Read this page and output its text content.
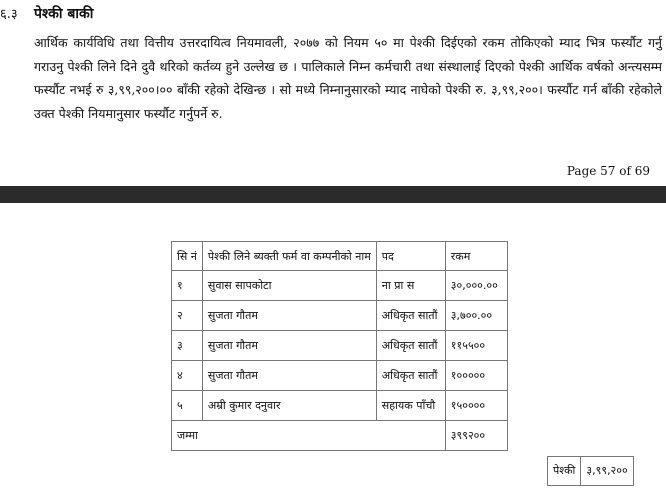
६.३ पेश्की बाकी

आर्थिक कार्यविधि तथा वित्तीय उत्तरदायित्व नियमावली, २०७७ को नियम ५० मा पेश्की दिईएको रकम तोकिएको म्याद भित्र फर्स्यौट गर्नु गराउनु पेश्की लिने दिने दुवै थरिको कर्तव्य हुने उल्लेख छ । पालिकाले निम्न कर्मचारी तथा संस्थालाई दिएको पेश्की आर्थिक वर्षको अन्त्यसम्म फर्स्यौट नभई रु ३,९९,२००।०० बाँकी रहेको देखिन्छ । सो मध्ये निम्नानुसारको म्याद नाघेको पेश्की रु. ३,९९,२००। फर्स्यौट गर्न बाँकी रहेकोले उक्त पेश्की नियमानुसार फर्स्यौट गर्नुपर्ने रु.

Page 57 of 69
सि नं	पेश्की लिने ब्यक्ती फर्म वा कम्पनीको नाम	पद	रकम
१	सुवास सापकोटा	ना प्रा स	३०,०००.००
२	सुजता गौतम	अधिकृत सातौं	३,७००.००
३	सुजता गौतम	अधिकृत सातौं	११५५००
४	सुजता गौतम	अधिकृत सातौं	१०००००
५	अम्री कुमार दनुवार	सहायक पाँचौ	१५००००
जम्मा			३९९२००
पेश्की	३,९९,२००
